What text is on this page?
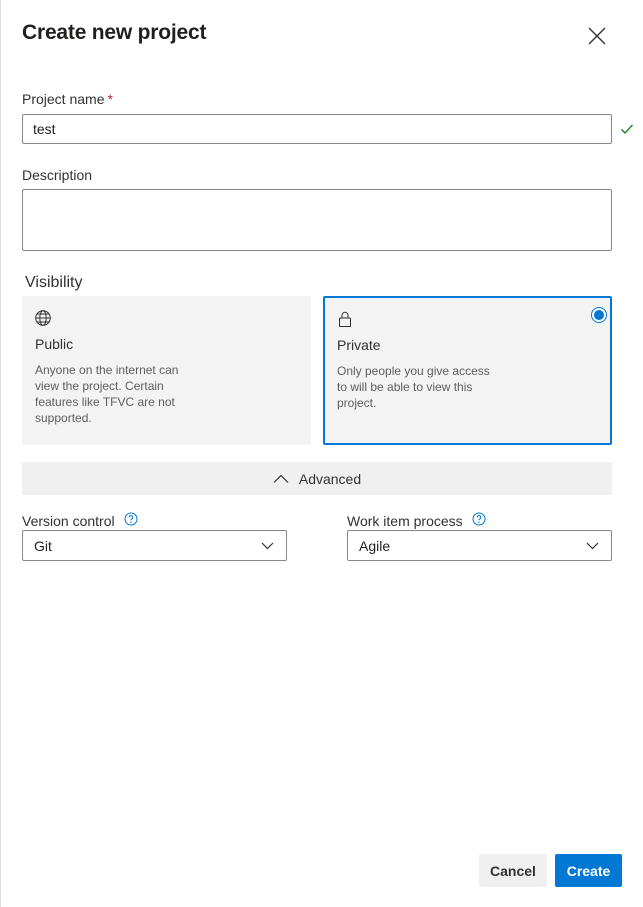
Create new project
Project name *
test
Description
Visibility
Public
Anyone on the internet can view the project. Certain features like TFVC are not supported.
Private
Only people you give access to will be able to view this project.
Advanced
Version control
Git
Work item process
Agile
Cancel	Create
